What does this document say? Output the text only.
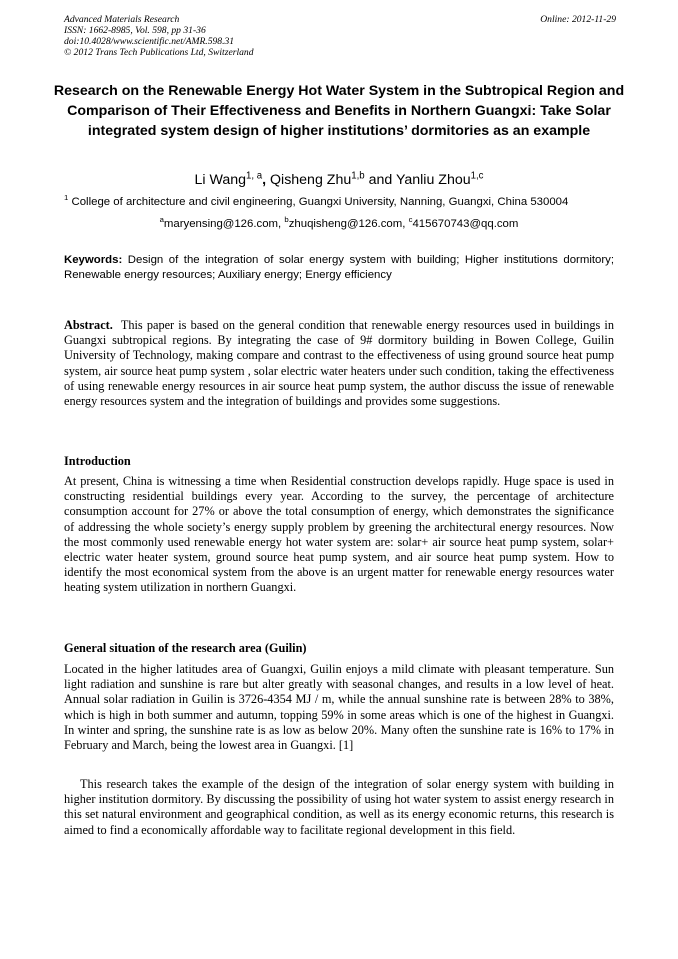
Advanced Materials Research
ISSN: 1662-8985, Vol. 598, pp 31-36
doi:10.4028/www.scientific.net/AMR.598.31
© 2012 Trans Tech Publications Ltd, Switzerland
Online: 2012-11-29
Research on the Renewable Energy Hot Water System in the Subtropical Region and Comparison of Their Effectiveness and Benefits in Northern Guangxi: Take Solar integrated system design of higher institutions’ dormitories as an example
Li Wang$^{1, a}$, Qisheng Zhu$^{1,b}$ and Yanliu Zhou$^{1,c}$
$^1$ College of architecture and civil engineering, Guangxi University, Nanning, Guangxi, China 530004
$^a$maryensing@126.com, $^b$zhuqisheng@126.com, $^c$415670743@qq.com
Keywords: Design of the integration of solar energy system with building; Higher institutions dormitory; Renewable energy resources; Auxiliary energy; Energy efficiency

Abstract. This paper is based on the general condition that renewable energy resources used in buildings in Guangxi subtropical regions. By integrating the case of 9# dormitory building in Bowen College, Guilin University of Technology, making compare and contrast to the effectiveness of using ground source heat pump system, air source heat pump system , solar electric water heaters under such condition, taking the effectiveness of using renewable energy resources in air source heat pump system, the author discuss the issue of renewable energy resources system and the integration of buildings and provides some suggestions.

Introduction

At present, China is witnessing a time when Residential construction develops rapidly. Huge space is used in constructing residential buildings every year. According to the survey, the percentage of architecture consumption account for 27% or above the total consumption of energy, which demonstrates the significance of addressing the whole society’s energy supply problem by greening the architectural energy resources. Now the most commonly used renewable energy hot water system are: solar+ air source heat pump system, solar+ electric water heater system, ground source heat pump system, and air source heat pump system. How to identify the most economical system from the above is an urgent matter for renewable energy resources water heating system utilization in northern Guangxi.

General situation of the research area (Guilin)

Located in the higher latitudes area of Guangxi, Guilin enjoys a mild climate with pleasant temperature. Sun light radiation and sunshine is rare but alter greatly with seasonal changes, and results in a low level of heat. Annual solar radiation in Guilin is 3726-4354 MJ / m, while the annual sunshine rate is between 28% to 38%, which is high in both summer and autumn, topping 59% in some areas which is one of the highest in Guangxi. In winter and spring, the sunshine rate is as low as below 20%. Many often the sunshine rate is 16% to 17% in February and March, being the lowest area in Guangxi. [1]

This research takes the example of the design of the integration of solar energy system with building in higher institution dormitory. By discussing the possibility of using hot water system to assist energy research in this set natural environment and geographical condition, as well as its energy economic returns, this research is aimed to find a economically affordable way to facilitate regional development in this field.
